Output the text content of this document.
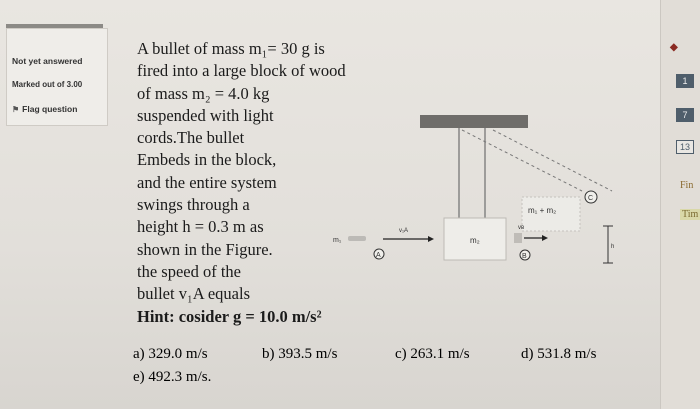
Not yet answered
Marked out of 3.00
⚑ Flag question
A bullet of mass m₁= 30 g is
fired into a large block of wood
of mass m₂ = 4.0 kg
suspended with light
cords.The bullet
Embeds in the block,
and the entire system
swings through a
height h = 0.3 m as
shown in the Figure.
the speed of the
bullet v₁A equals
Hint: cosider g = 10.0 m/s²
a) 329.0 m/s	b) 393.5 m/s	c) 263.1 m/s	d) 531.8 m/s
e) 492.3 m/s.
m₂
m₁ + m₂
m₁
v₁A
A
vʙ
B
C
h
◆
1
7
13
Fin
Tim
